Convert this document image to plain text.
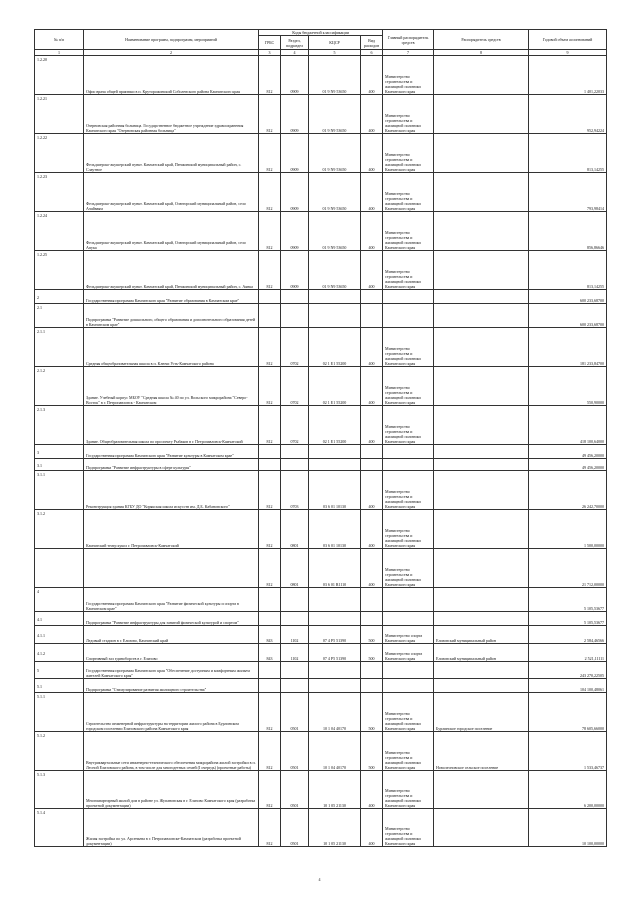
№ п/п	Наименование программ, подпрограмм, мероприятий	Коды бюджетной классификации				Главный распорядитель средств	Распорядитель средств	Годовой объем ассигнований
		ГРБС	Раздел, подраздел	КЦСР	Вид расходов			
1	2	3	4	5	6	7	8	9
1.2.20	Офис врача общей практики в п. Круторожинский Соболевского района Камчатского края	812	0909	01 9 N9 53650	400	Министерство строительства и жилищной политики Камчатского края		1 401,22033
1.2.21	Озерновская районная больница. Государственное бюджетное учреждение здравоохранения Камчатского края "Озерновская районная больница"	812	0909	01 9 N9 53650	400	Министерство строительства и жилищной политики Камчатского края		952,94224
1.2.22	Фельдшерско-акушерский пункт. Камчатский край, Пенжинский муниципальный район, с. Слаутное	812	0909	01 9 N9 53650	400	Министерство строительства и жилищной политики Камчатского края		813,14255
1.2.23	Фельдшерско-акушерский пункт. Камчатский край, Олюторский муниципальный район, село Ачайваям	812	0909	01 9 N9 53650	400	Министерство строительства и жилищной политики Камчатского края		793,98414
1.2.24	Фельдшерско-акушерский пункт. Камчатский край, Олюторский муниципальный район, село Апука	812	0909	01 9 N9 53650	400	Министерство строительства и жилищной политики Камчатского края		856,86646
1.2.25	Фельдшерско-акушерский пункт. Камчатский край, Пенжинский муниципальный район, с. Аянка	812	0909	01 9 N9 53650	400	Министерство строительства и жилищной политики Камчатского края		813,14255
2	Государственная программа Камчатского края "Развитие образования в Камчатском крае"							600 233,68700
2.1	Подпрограмма "Развитие дошкольного, общего образования и дополнительного образования детей в Камчатском крае"							600 233,68700
2.1.1	Средняя общеобразовательная школа в п. Ключи Усть-Камчатского района	812	0702	02 1 E1 55200	400	Министерство строительства и жилищной политики Камчатского края		181 233,84700
2.1.2	Здание. Учебный корпус МБОУ "Средняя школа № 40 по ул. Вольского микрорайона "Северо-Восток" в г. Петропавловск - Камчатском	812	0702	02 1 E1 55200	400	Министерство строительства и жилищной политики Камчатского края		550,90000
2.1.3	Здание. Общеобразовательная школа по проспекту Рыбаков в г. Петропавловск-Камчатский	812	0702	02 1 E1 55200	400	Министерство строительства и жилищной политики Камчатского края		418 100,64000
3	Государственная программа Камчатского края "Развитие культуры в Камчатском крае"							49 456,20000
3.1	Подпрограмма "Развитие инфраструктуры в сфере культуры"							49 456,20000
3.1.1	Реконструкция здания КГБУ ДО "Корякская школа искусств им. Д.Б. Кабановского"	812	0703	03 6 01 10130	400	Министерство строительства и жилищной политики Камчатского края		26 242,70000
3.1.2	Камчатский театр кукол г. Петропавловск-Камчатский	812	0801	03 6 01 10130	400	Министерство строительства и жилищной политики Камчатского края		1 500,00000
		812	0801	03 6 01 R1110	400	Министерство строительства и жилищной политики Камчатского края		21 712,00000
4	Государственная программа Камчатского края "Развитие физической культуры и спорта в Камчатском крае"							5 105,53677
4.1	Подпрограмма "Развитие инфраструктуры для занятий физической культурой и спортом"							5 105,53677
4.1.1	Ледовый стадион в г. Елизово, Камчатский край	843	1102	07 4 P5 51390	500	Министерство спорта Камчатского края	Елизовский муниципальный район	2 584,46566
4.1.2	Спортивный зал единоборств в г. Елизово	843	1102	07 4 P5 51390	500	Министерство спорта Камчатского края	Елизовский муниципальный район	2 521,11111
5	Государственная программа Камчатского края "Обеспечение доступным и комфортным жильем жителей Камчатского края"							243 270,22505
5.1	Подпрограмма "Стимулирование развития жилищного строительства"							104 100,48061
5.1.1	Строительство инженерной инфраструктуры на территории жилого района в Бурлинском городском поселении Елизовского района Камчатского края	812	0501	10 1 04 40170	500	Министерство строительства и жилищной политики Камчатского края	Бурлинское городское поселение	78 605,66000
5.1.2	Внутриквартальные сети инженерно-технического обеспечения микрорайона жилой застройки в п. Лесной Елизовского района, в том числе для многодетных семей (I очередь) (проектные работы)	812	0501	10 1 04 40170	500	Министерство строительства и жилищной политики Камчатского края	Новолесновское сельское поселение	1 533,46737
5.1.3	Многоквартирный жилой дом в районе ул. Жупановская в г. Елизово Камчатского края (разработка проектной документации)	812	0501	10 1 05 21130	400	Министерство строительства и жилищной политики Камчатского края		6 200,00000
5.1.4	Жилая застройка по ул. Арсеньева в г. Петропавловске-Камчатском (разработка проектной документации)	812	0501	10 1 05 21130	400	Министерство строительства и жилищной политики Камчатского края		10 100,00000
4
